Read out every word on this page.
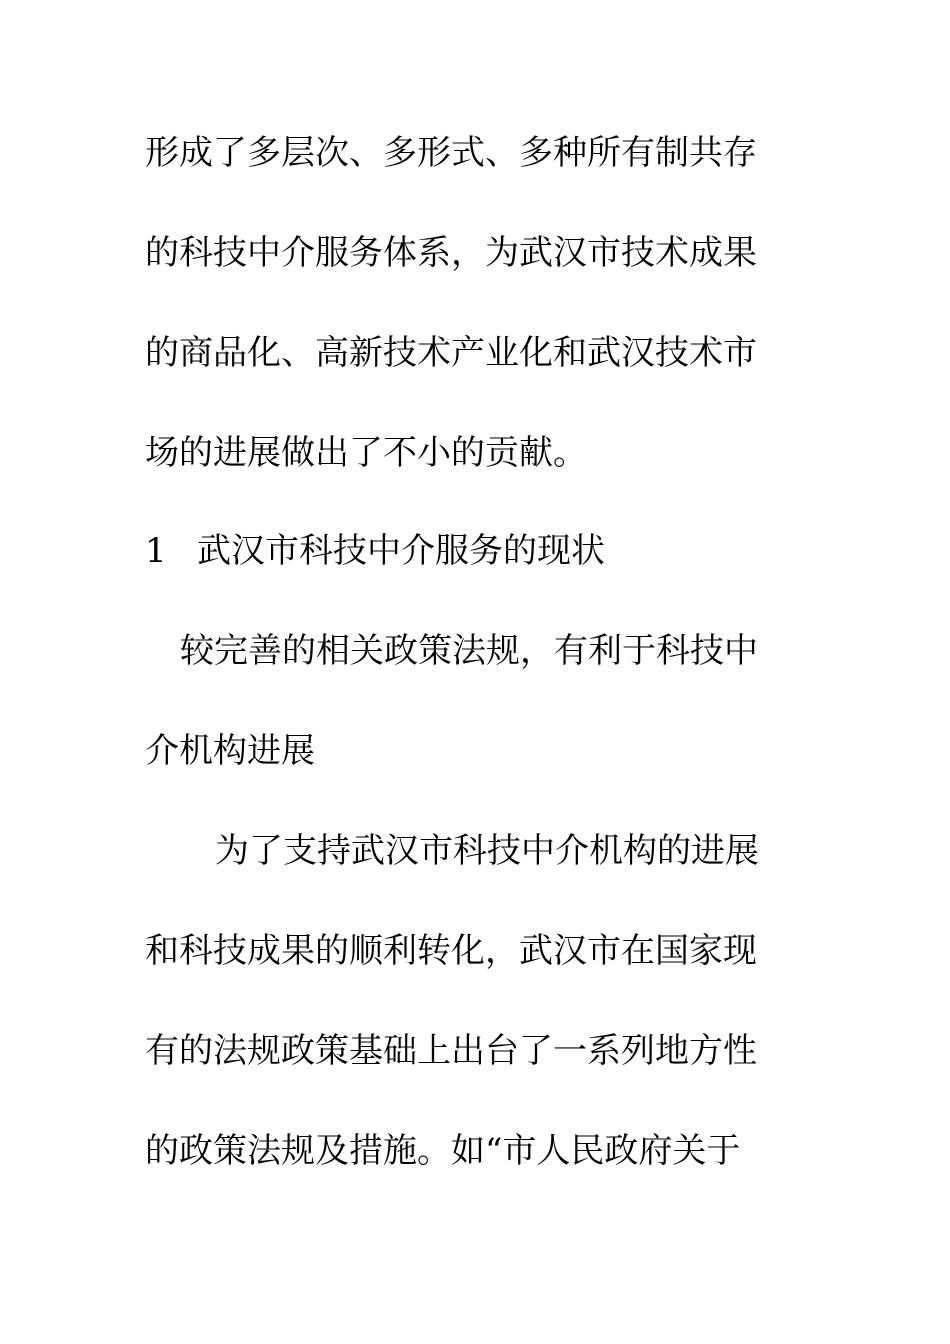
形成了多层次、多形式、多种所有制共存
的科技中介服务体系，为武汉市技术成果
的商品化、高新技术产业化和武汉技术市
场的进展做出了不小的贡献。
1 武汉市科技中介服务的现状
较完善的相关政策法规，有利于科技中
介机构进展
为了支持武汉市科技中介机构的进展
和科技成果的顺利转化，武汉市在国家现
有的法规政策基础上出台了一系列地方性
的政策法规及措施。如“市人民政府关于
